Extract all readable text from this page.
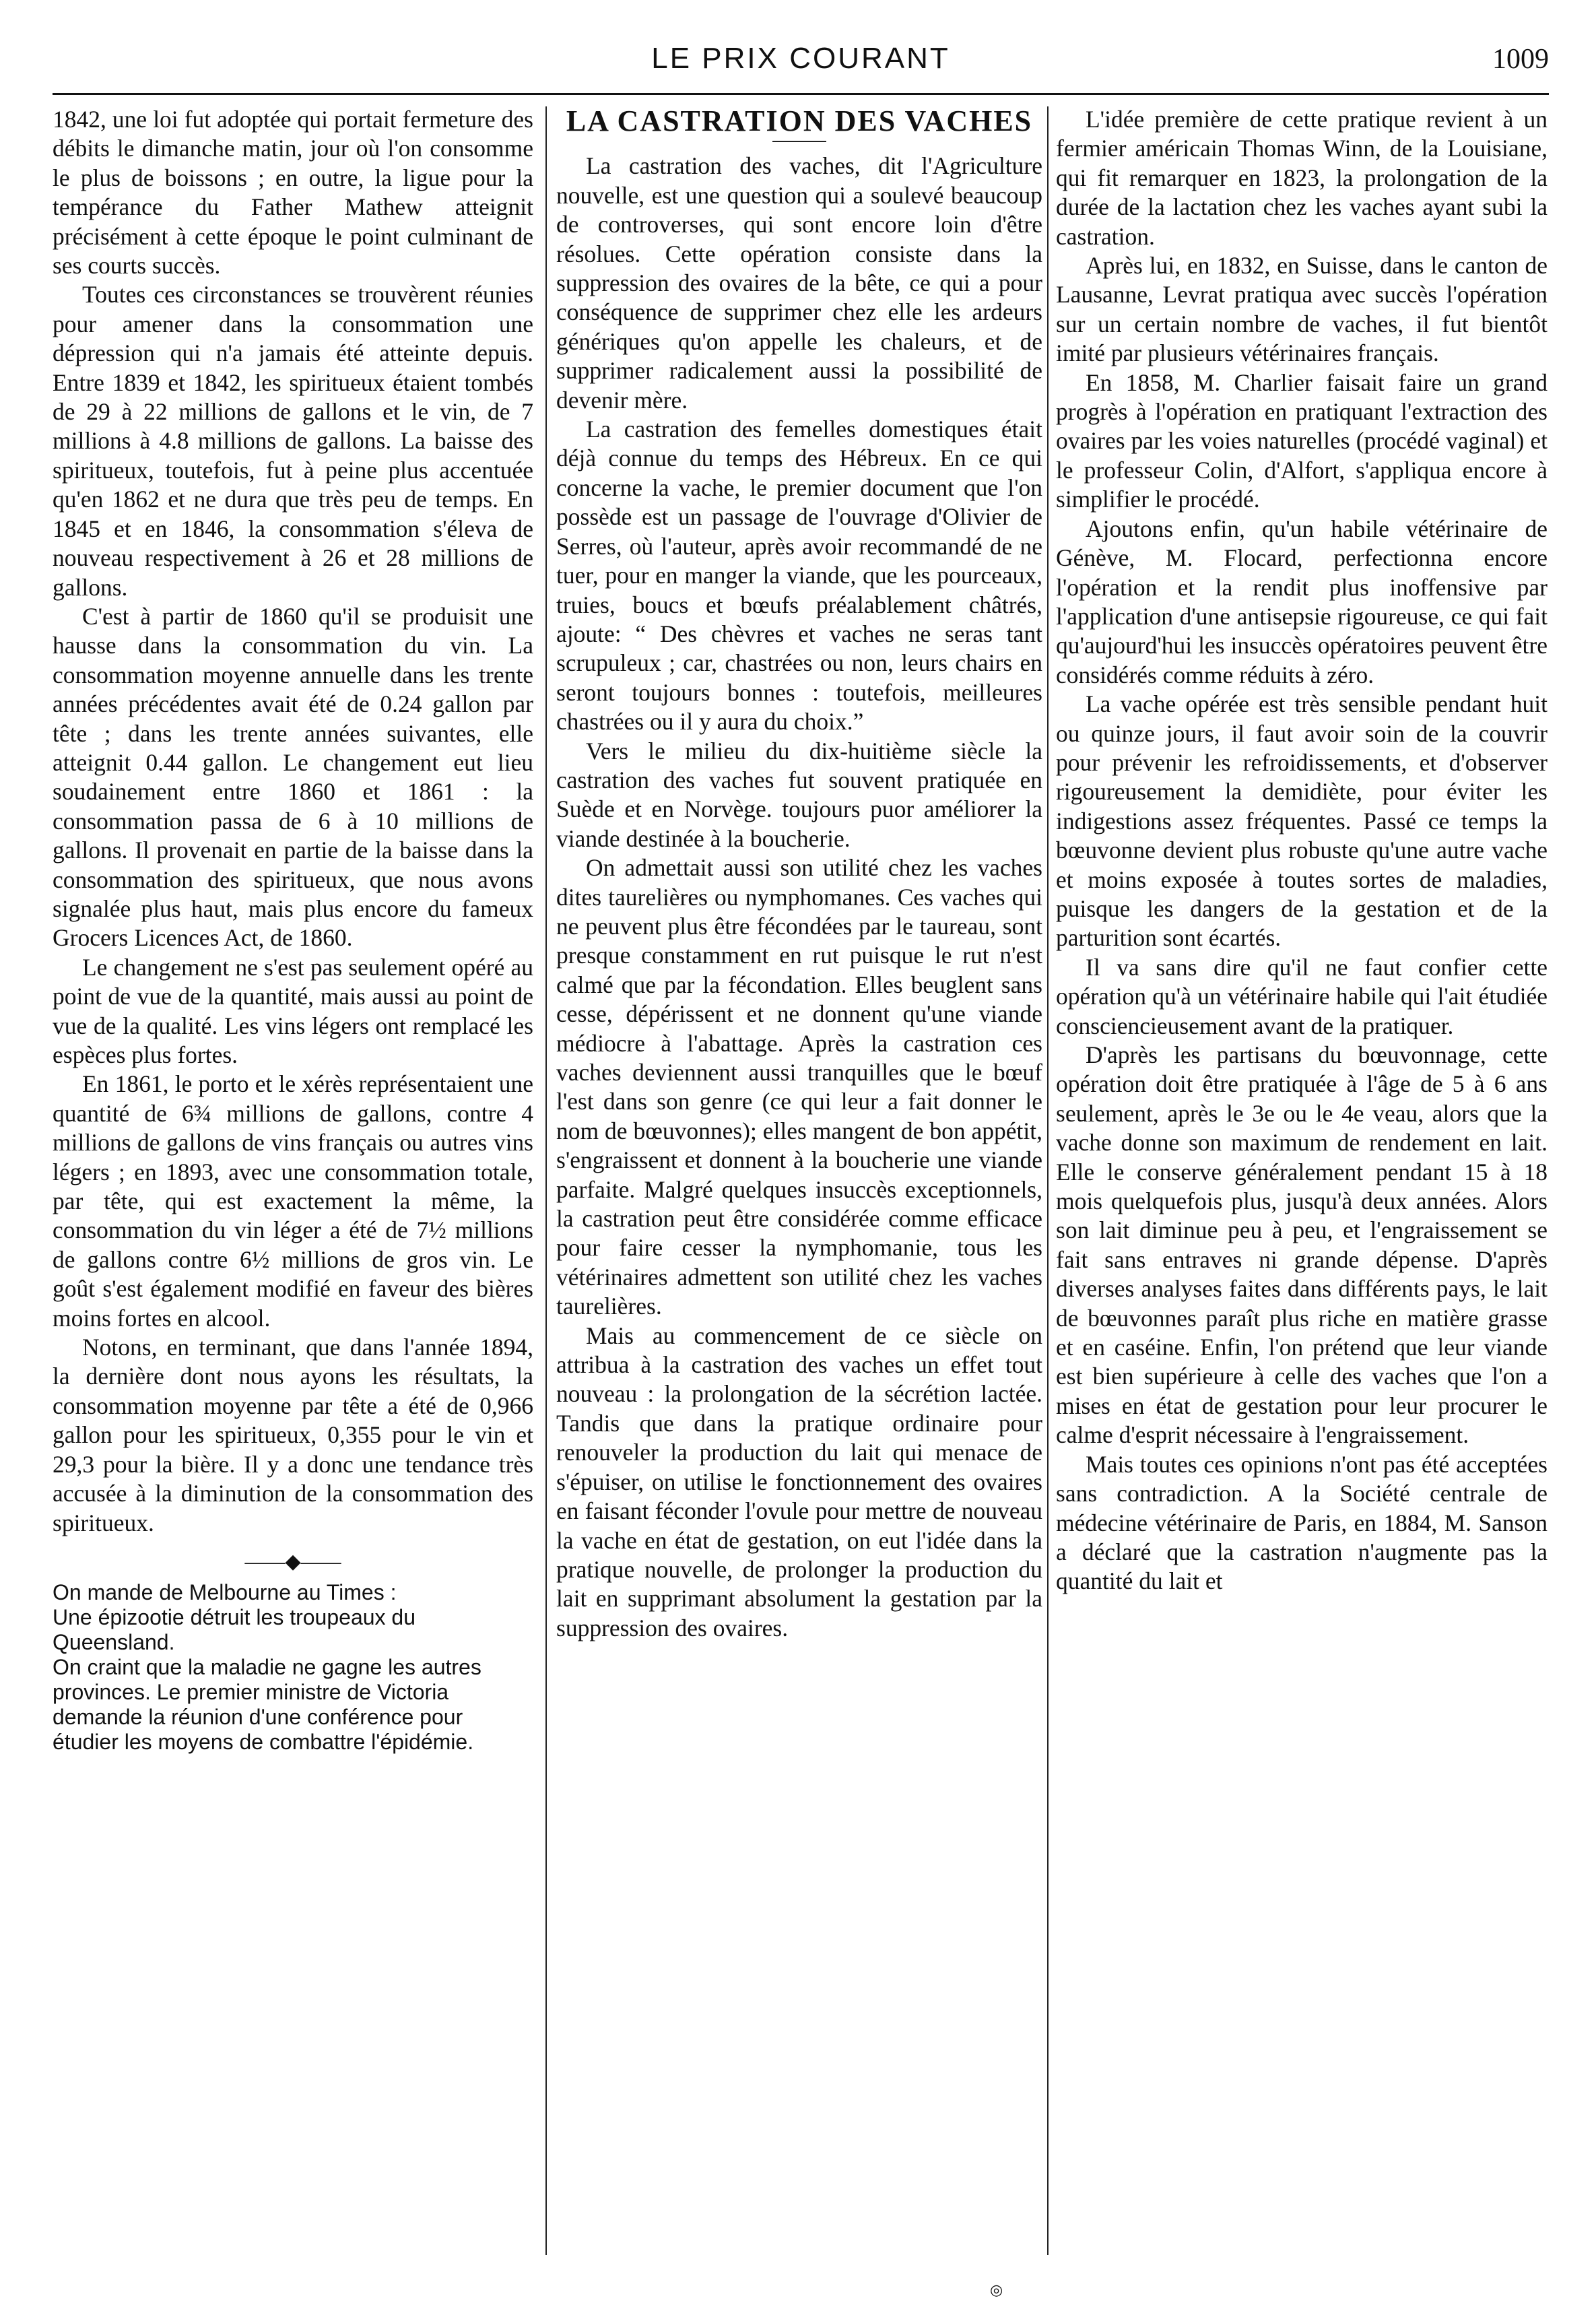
LE PRIX COURANT	1009

1842, une loi fut adoptée qui portait fermeture des débits le dimanche matin, jour où l'on consomme le plus de boissons ; en outre, la ligue pour la tempérance du Father Mathew atteignit précisément à cette époque le point culminant de ses courts succès.

Toutes ces circonstances se trouvèrent réunies pour amener dans la consommation une dépression qui n'a jamais été atteinte depuis. Entre 1839 et 1842, les spiritueux étaient tombés de 29 à 22 millions de gallons et le vin, de 7 millions à 4.8 millions de gallons. La baisse des spiritueux, toutefois, fut à peine plus accentuée qu'en 1862 et ne dura que très peu de temps. En 1845 et en 1846, la consommation s'éleva de nouveau respectivement à 26 et 28 millions de gallons.

C'est à partir de 1860 qu'il se produisit une hausse dans la consommation du vin. La consommation moyenne annuelle dans les trente années précédentes avait été de 0.24 gallon par tête ; dans les trente années suivantes, elle atteignit 0.44 gallon. Le changement eut lieu soudainement entre 1860 et 1861 : la consommation passa de 6 à 10 millions de gallons. Il provenait en partie de la baisse dans la consommation des spiritueux, que nous avons signalée plus haut, mais plus encore du fameux Grocers Licences Act, de 1860.

Le changement ne s'est pas seulement opéré au point de vue de la quantité, mais aussi au point de vue de la qualité. Les vins légers ont remplacé les espèces plus fortes.

En 1861, le porto et le xérès représentaient une quantité de 6¾ millions de gallons, contre 4 millions de gallons de vins français ou autres vins légers ; en 1893, avec une consommation totale, par tête, qui est exactement la même, la consommation du vin léger a été de 7½ millions de gallons contre 6½ millions de gros vin. Le goût s'est également modifié en faveur des bières moins fortes en alcool.

Notons, en terminant, que dans l'année 1894, la dernière dont nous ayons les résultats, la consommation moyenne par tête a été de 0,966 gallon pour les spiritueux, 0,355 pour le vin et 29,3 pour la bière. Il y a donc une tendance très accusée à la diminution de la consommation des spiritueux.

——◆——

On mande de Melbourne au Times :

Une épizootie détruit les troupeaux du Queensland.

On craint que la maladie ne gagne les autres provinces. Le premier ministre de Victoria demande la réunion d'une conférence pour étudier les moyens de combattre l'épidémie.

LA CASTRATION DES VACHES

La castration des vaches, dit l'Agriculture nouvelle, est une question qui a soulevé beaucoup de controverses, qui sont encore loin d'être résolues. Cette opération consiste dans la suppression des ovaires de la bête, ce qui a pour conséquence de supprimer chez elle les ardeurs génériques qu'on appelle les chaleurs, et de supprimer radicalement aussi la possibilité de devenir mère.

La castration des femelles domestiques était déjà connue du temps des Hébreux. En ce qui concerne la vache, le premier document que l'on possède est un passage de l'ouvrage d'Olivier de Serres, où l'auteur, après avoir recommandé de ne tuer, pour en manger la viande, que les pourceaux, truies, boucs et bœufs préalablement châtrés, ajoute: “ Des chèvres et vaches ne seras tant scrupuleux ; car, chastrées ou non, leurs chairs en seront toujours bonnes : toutefois, meilleures chastrées ou il y aura du choix.”

Vers le milieu du dix-huitième siècle la castration des vaches fut souvent pratiquée en Suède et en Norvège. toujours puor améliorer la viande destinée à la boucherie.

On admettait aussi son utilité chez les vaches dites taurelières ou nymphomanes. Ces vaches qui ne peuvent plus être fécondées par le taureau, sont presque constamment en rut puisque le rut n'est calmé que par la fécondation. Elles beuglent sans cesse, dépérissent et ne donnent qu'une viande médiocre à l'abattage. Après la castration ces vaches deviennent aussi tranquilles que le bœuf l'est dans son genre (ce qui leur a fait donner le nom de bœuvonnes); elles mangent de bon appétit, s'engraissent et donnent à la boucherie une viande parfaite. Malgré quelques insuccès exceptionnels, la castration peut être considérée comme efficace pour faire cesser la nymphomanie, tous les vétérinaires admettent son utilité chez les vaches taurelières.

Mais au commencement de ce siècle on attribua à la castration des vaches un effet tout nouveau : la prolongation de la sécrétion lactée. Tandis que dans la pratique ordinaire pour renouveler la production du lait qui menace de s'épuiser, on utilise le fonctionnement des ovaires en faisant féconder l'ovule pour mettre de nouveau la vache en état de gestation, on eut l'idée dans la pratique nouvelle, de prolonger la production du lait en supprimant absolument la gestation par la suppression des ovaires.

L'idée première de cette pratique revient à un fermier américain Thomas Winn, de la Louisiane, qui fit remarquer en 1823, la prolongation de la durée de la lactation chez les vaches ayant subi la castration.

Après lui, en 1832, en Suisse, dans le canton de Lausanne, Levrat pratiqua avec succès l'opération sur un certain nombre de vaches, il fut bientôt imité par plusieurs vétérinaires français.

En 1858, M. Charlier faisait faire un grand progrès à l'opération en pratiquant l'extraction des ovaires par les voies naturelles (procédé vaginal) et le professeur Colin, d'Alfort, s'appliqua encore à simplifier le procédé.

Ajoutons enfin, qu'un habile vétérinaire de Génève, M. Flocard, perfectionna encore l'opération et la rendit plus inoffensive par l'application d'une antisepsie rigoureuse, ce qui fait qu'aujourd'hui les insuccès opératoires peuvent être considérés comme réduits à zéro.

La vache opérée est très sensible pendant huit ou quinze jours, il faut avoir soin de la couvrir pour prévenir les refroidissements, et d'observer rigoureusement la demidiète, pour éviter les indigestions assez fréquentes. Passé ce temps la bœuvonne devient plus robuste qu'une autre vache et moins exposée à toutes sortes de maladies, puisque les dangers de la gestation et de la parturition sont écartés.

Il va sans dire qu'il ne faut confier cette opération qu'à un vétérinaire habile qui l'ait étudiée consciencieusement avant de la pratiquer.

D'après les partisans du bœuvonnage, cette opération doit être pratiquée à l'âge de 5 à 6 ans seulement, après le 3e ou le 4e veau, alors que la vache donne son maximum de rendement en lait. Elle le conserve généralement pendant 15 à 18 mois quelquefois plus, jusqu'à deux années. Alors son lait diminue peu à peu, et l'engraissement se fait sans entraves ni grande dépense. D'après diverses analyses faites dans différents pays, le lait de bœuvonnes paraît plus riche en matière grasse et en caséine. Enfin, l'on prétend que leur viande est bien supérieure à celle des vaches que l'on a mises en état de gestation pour leur procurer le calme d'esprit nécessaire à l'engraissement.

Mais toutes ces opinions n'ont pas été acceptées sans contradiction. A la Société centrale de médecine vétérinaire de Paris, en 1884, M. Sanson a déclaré que la castration n'augmente pas la quantité du lait et

◎
